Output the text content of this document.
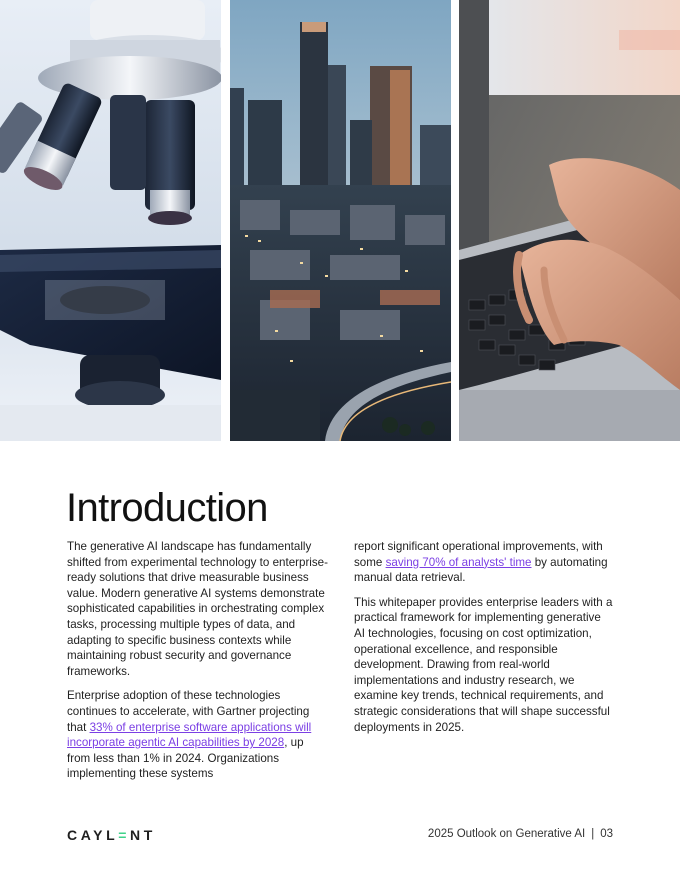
Introduction

The generative AI landscape has fundamentally shifted from experimental technology to enterprise-ready solutions that drive measurable business value. Modern generative AI systems demonstrate sophisticated capabilities in orchestrating complex tasks, processing multiple types of data, and adapting to specific business contexts while maintaining robust security and governance frameworks.

Enterprise adoption of these technologies continues to accelerate, with Gartner projecting that 33% of enterprise software applications will incorporate agentic AI capabilities by 2028, up from less than 1% in 2024. Organizations implementing these systems

report significant operational improvements, with some saving 70% of analysts' time by automating manual data retrieval.

This whitepaper provides enterprise leaders with a practical framework for implementing generative AI technologies, focusing on cost optimization, operational excellence, and responsible development. Drawing from real-world implementations and industry research, we examine key trends, technical requirements, and strategic considerations that will shape successful deployments in 2025.

CAYL=NT	2025 Outlook on Generative AI | 03
